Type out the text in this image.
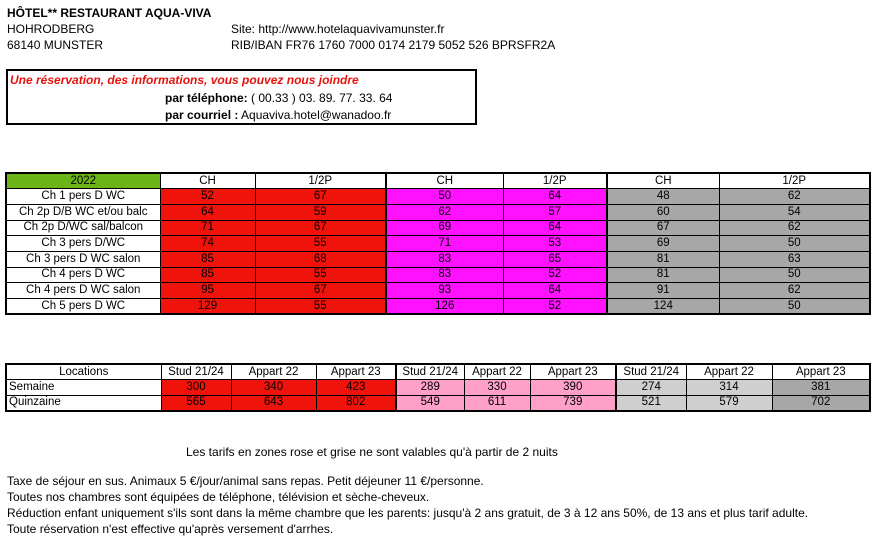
HÔTEL** RESTAURANT AQUA-VIVA
HOHRODBERG
68140 MUNSTER
Site: http://www.hotelaquavivamunster.fr
RIB/IBAN FR76 1760 7000 0174 2179 5052 526 BPRSFR2A
Une réservation, des informations, vous pouvez nous joindre
par téléphone: ( 00.33 ) 03. 89. 77. 33. 64
par courriel : Aquaviva.hotel@wanadoo.fr
2022	CH	1/2P	CH	1/2P	CH	1/2P
Ch 1 pers D WC	52	67	50	64	48	62
Ch 2p D/B WC et/ou balc	64	59	62	57	60	54
Ch 2p D/WC sal/balcon	71	67	69	64	67	62
Ch 3 pers D/WC	74	55	71	53	69	50
Ch 3 pers D WC salon	85	68	83	65	81	63
Ch 4 pers D WC	85	55	83	52	81	50
Ch 4 pers D WC salon	95	67	93	64	91	62
Ch 5 pers D WC	129	55	126	52	124	50
Locations	Stud 21/24	Appart 22	Appart 23	Stud 21/24	Appart 22	Appart 23	Stud 21/24	Appart 22	Appart 23
Semaine	300	340	423	289	330	390	274	314	381
Quinzaine	565	643	802	549	611	739	521	579	702
Les tarifs en zones rose et grise ne sont valables qu'à partir de 2 nuits
Taxe de séjour en sus. Animaux 5 €/jour/animal sans repas. Petit déjeuner 11 €/personne.
Toutes nos chambres sont équipées de téléphone, télévision et sèche-cheveux.
Réduction enfant uniquement s'ils sont dans la même chambre que les parents: jusqu'à 2 ans gratuit, de 3 à 12 ans 50%, de 13 ans et plus tarif adulte.
Toute réservation n'est effective qu'après versement d'arrhes.
